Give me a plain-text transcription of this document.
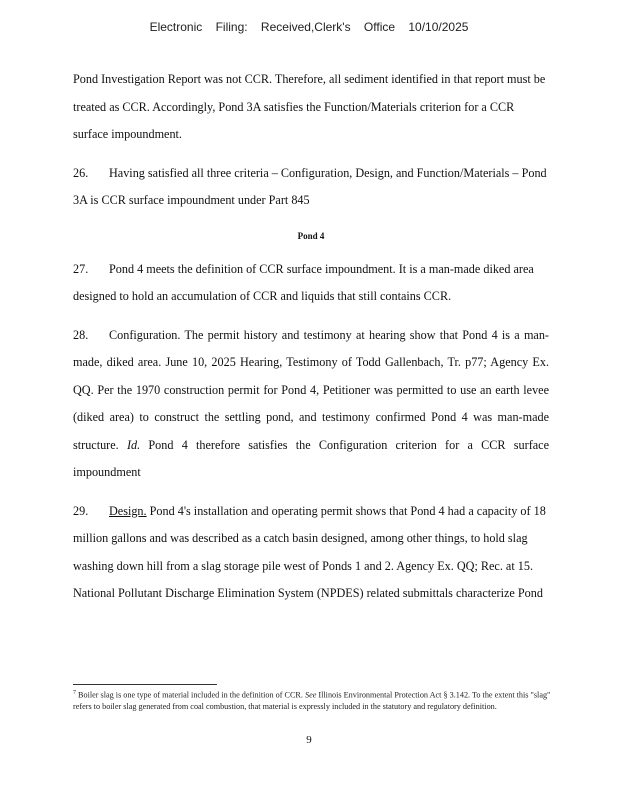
Electronic Filing: Received,Clerk's Office 10/10/2025

Pond Investigation Report was not CCR. Therefore, all sediment identified in that report must be treated as CCR. Accordingly, Pond 3A satisfies the Function/Materials criterion for a CCR surface impoundment.

26. Having satisfied all three criteria – Configuration, Design, and Function/Materials – Pond 3A is CCR surface impoundment under Part 845

Pond 4

27. Pond 4 meets the definition of CCR surface impoundment. It is a man-made diked area designed to hold an accumulation of CCR and liquids that still contains CCR.

28. Configuration. The permit history and testimony at hearing show that Pond 4 is a man-made, diked area. June 10, 2025 Hearing, Testimony of Todd Gallenbach, Tr. p77; Agency Ex. QQ. Per the 1970 construction permit for Pond 4, Petitioner was permitted to use an earth levee (diked area) to construct the settling pond, and testimony confirmed Pond 4 was man-made structure. Id. Pond 4 therefore satisfies the Configuration criterion for a CCR surface impoundment

29. Design. Pond 4's installation and operating permit shows that Pond 4 had a capacity of 18 million gallons and was described as a catch basin designed, among other things, to hold slag washing down hill from a slag storage pile west of Ponds 1 and 2. Agency Ex. QQ; Rec. at 15. National Pollutant Discharge Elimination System (NPDES) related submittals characterize Pond

$^7$ Boiler slag is one type of material included in the definition of CCR. See Illinois Environmental Protection Act § 3.142. To the extent this "slag" refers to boiler slag generated from coal combustion, that material is expressly included in the statutory and regulatory definition.
9
